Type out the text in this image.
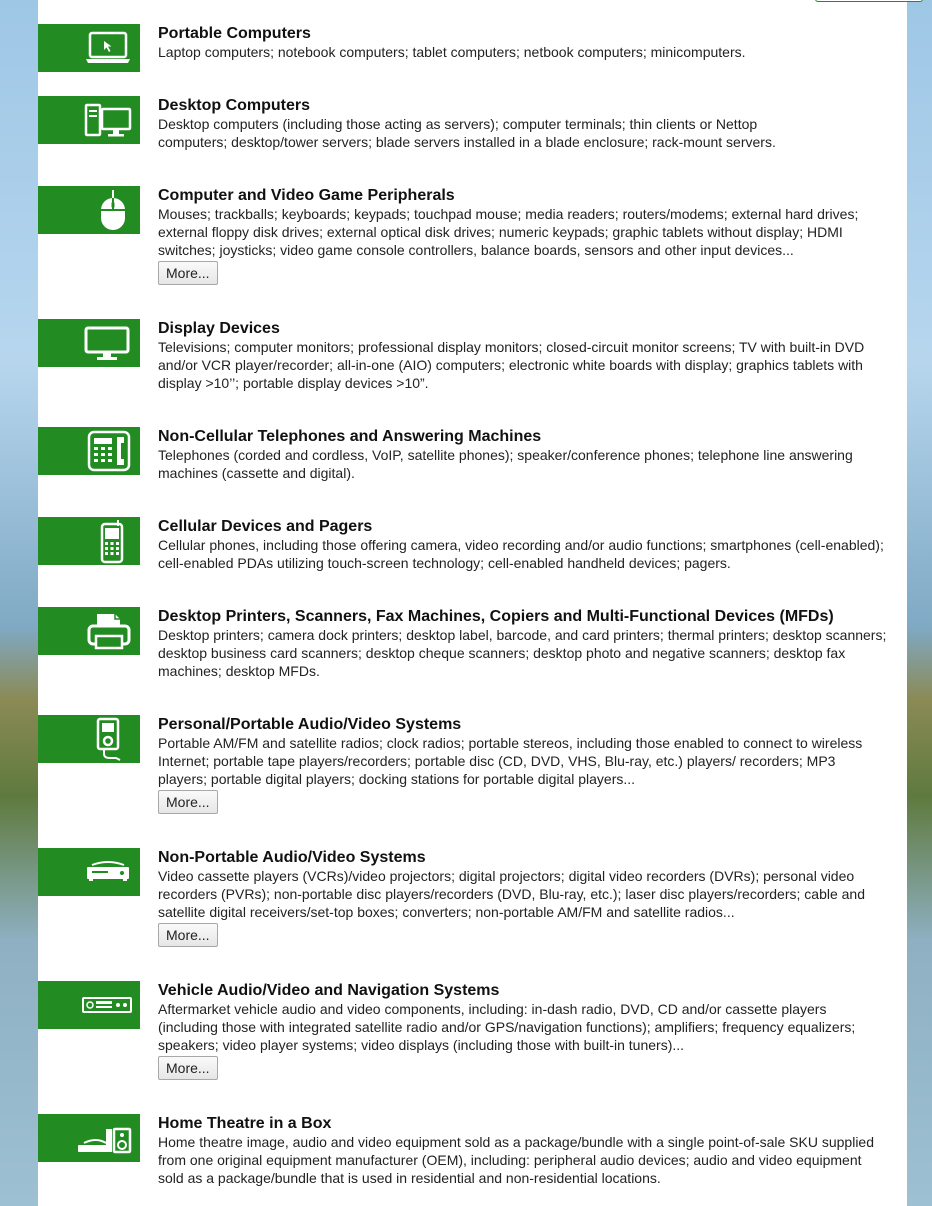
Portable Computers

Laptop computers; notebook computers; tablet computers; netbook computers; minicomputers.

Desktop Computers

Desktop computers (including those acting as servers); computer terminals; thin clients or Nettop computers; desktop/tower servers; blade servers installed in a blade enclosure; rack-mount servers.

Computer and Video Game Peripherals

Mouses; trackballs; keyboards; keypads; touchpad mouse; media readers; routers/modems; external hard drives; external floppy disk drives; external optical disk drives; numeric keypads; graphic tablets without display; HDMI switches; joysticks; video game console controllers, balance boards, sensors and other input devices...

More...

Display Devices

Televisions; computer monitors; professional display monitors; closed-circuit monitor screens; TV with built-in DVD and/or VCR player/recorder; all-in-one (AIO) computers; electronic white boards with display; graphics tablets with display >10’’; portable display devices >10”.

Non-Cellular Telephones and Answering Machines

Telephones (corded and cordless, VoIP, satellite phones); speaker/conference phones; telephone line answering machines (cassette and digital).

Cellular Devices and Pagers

Cellular phones, including those offering camera, video recording and/or audio functions; smartphones (cell-enabled); cell-enabled PDAs utilizing touch-screen technology; cell-enabled handheld devices; pagers.

Desktop Printers, Scanners, Fax Machines, Copiers and Multi-Functional Devices (MFDs)

Desktop printers; camera dock printers; desktop label, barcode, and card printers; thermal printers; desktop scanners; desktop business card scanners; desktop cheque scanners; desktop photo and negative scanners; desktop fax machines; desktop MFDs.

Personal/Portable Audio/Video Systems

Portable AM/FM and satellite radios; clock radios; portable stereos, including those enabled to connect to wireless Internet; portable tape players/recorders; portable disc (CD, DVD, VHS, Blu-ray, etc.) players/ recorders; MP3 players; portable digital players; docking stations for portable digital players...

More...

Non-Portable Audio/Video Systems

Video cassette players (VCRs)/video projectors; digital projectors; digital video recorders (DVRs); personal video recorders (PVRs); non-portable disc players/recorders (DVD, Blu-ray, etc.); laser disc players/recorders; cable and satellite digital receivers/set-top boxes; converters; non-portable AM/FM and satellite radios...

More...

Vehicle Audio/Video and Navigation Systems

Aftermarket vehicle audio and video components, including: in-dash radio, DVD, CD and/or cassette players (including those with integrated satellite radio and/or GPS/navigation functions); amplifiers; frequency equalizers; speakers; video player systems; video displays (including those with built-in tuners)...

More...

Home Theatre in a Box

Home theatre image, audio and video equipment sold as a package/bundle with a single point-of-sale SKU supplied from one original equipment manufacturer (OEM), including: peripheral audio devices; audio and video equipment sold as a package/bundle that is used in residential and non-residential locations.
